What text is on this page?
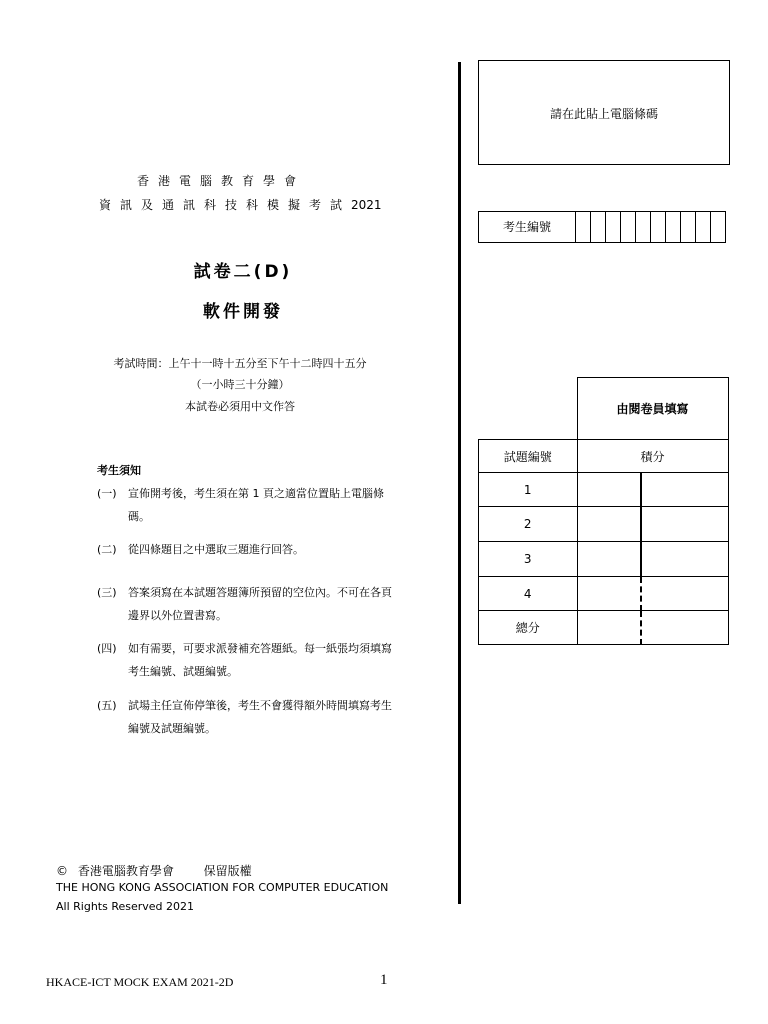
香港電腦教育學會
資訊及通訊科技科模擬考試2021
試卷二(D)
軟件開發
考試時間：上午十一時十五分至下午十二時四十五分
（一小時三十分鐘）
本試卷必須用中文作答
考生須知
(一) 宣佈開考後，考生須在第 1 頁之適當位置貼上電腦條
碼。
(二) 從四條題目之中選取三題進行回答。
(三) 答案須寫在本試題答題簿所預留的空位內。不可在各頁
邊界以外位置書寫。
(四) 如有需要，可要求派發補充答題紙。每一紙張均須填寫
考生編號、試題編號。
(五) 試場主任宣佈停筆後，考生不會獲得額外時間填寫考生
編號及試題編號。
請在此貼上電腦條碼
考生編號
	由閱卷員填寫	
試題編號	積分	
1		
2		
3		
4		
總分		
© 香港電腦教育學會 保留版權
THE HONG KONG ASSOCIATION FOR COMPUTER EDUCATION
All Rights Reserved 2021
HKACE-ICT MOCK EXAM 2021-2D	1
